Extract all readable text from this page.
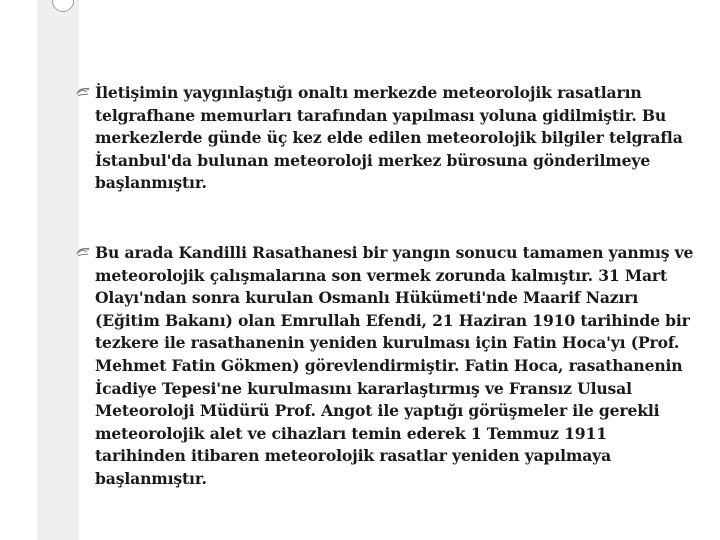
İletişimin yaygınlaştığı onaltı merkezde meteorolojik rasatların telgrafhane memurları tarafından yapılması yoluna gidilmiştir. Bu merkezlerde günde üç kez elde edilen meteorolojik bilgiler telgrafla İstanbul'da bulunan meteoroloji merkez bürosuna gönderilmeye başlanmıştır.

Bu arada Kandilli Rasathanesi bir yangın sonucu tamamen yanmış ve meteorolojik çalışmalarına son vermek zorunda kalmıştır. 31 Mart Olayı'ndan sonra kurulan Osmanlı Hükümeti'nde Maarif Nazırı (Eğitim Bakanı) olan Emrullah Efendi, 21 Haziran 1910 tarihinde bir tezkere ile rasathanenin yeniden kurulması için Fatin Hoca'yı (Prof. Mehmet Fatin Gökmen) görevlendirmiştir. Fatin Hoca, rasathanenin İcadiye Tepesi'ne kurulmasını kararlaştırmış ve Fransız Ulusal Meteoroloji Müdürü Prof. Angot ile yaptığı görüşmeler ile gerekli meteorolojik alet ve cihazları temin ederek 1 Temmuz 1911 tarihinden itibaren meteorolojik rasatlar yeniden yapılmaya başlanmıştır.
